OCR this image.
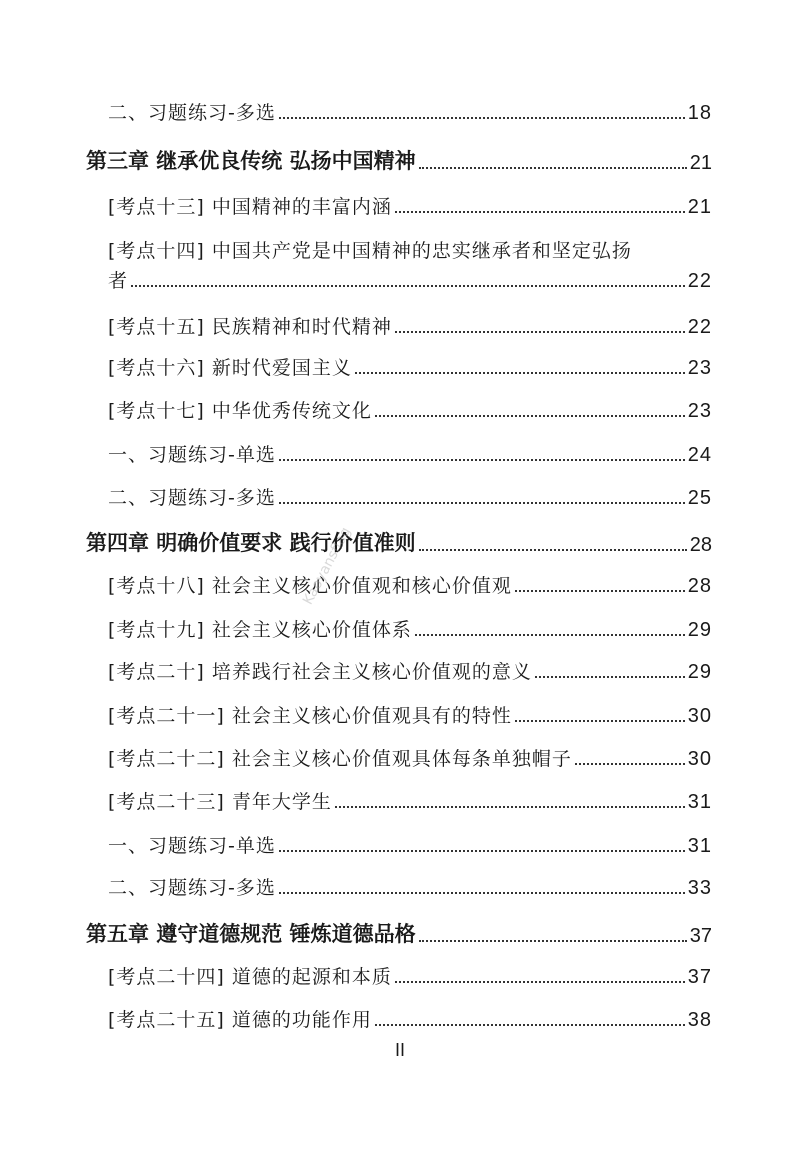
二、习题练习-多选	18
第三章 继承优良传统 弘扬中国精神	21
[考点十三] 中国精神的丰富内涵	21
[考点十四] 中国共产党是中国精神的忠实继承者和坚定弘扬
者	22
[考点十五] 民族精神和时代精神	22
[考点十六] 新时代爱国主义	23
[考点十七] 中华优秀传统文化	23
一、习题练习-单选	24
二、习题练习-多选	25
第四章 明确价值要求 践行价值准则	28
[考点十八] 社会主义核心价值观和核心价值观	28
[考点十九] 社会主义核心价值体系	29
[考点二十] 培养践行社会主义核心价值观的意义	29
[考点二十一] 社会主义核心价值观具有的特性	30
[考点二十二] 社会主义核心价值观具体每条单独帽子	30
[考点二十三] 青年大学生	31
一、习题练习-单选	31
二、习题练习-多选	33
第五章 遵守道德规范 锤炼道德品格	37
[考点二十四] 道德的起源和本质	37
[考点二十五] 道德的功能作用	38
II
Kaoyansflag
